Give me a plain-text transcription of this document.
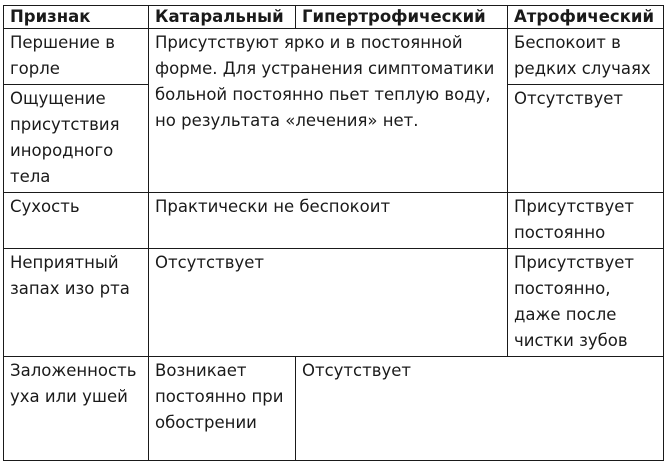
Признак	Катаральный	Гипертрофический	Атрофический
Першение в горле	Присутствуют ярко и в постоянной форме. Для устранения симптоматики больной постоянно пьет теплую воду, но результата «лечения» нет.		Беспокоит в редких случаях
Ощущение присутствия инородного тела			Отсутствует
Сухость	Практически не беспокоит		Присутствует постоянно
Неприятный запах изо рта	Отсутствует		Присутствует постоянно, даже после чистки зубов
Заложенность уха или ушей	Возникает постоянно при обострении	Отсутствует	
